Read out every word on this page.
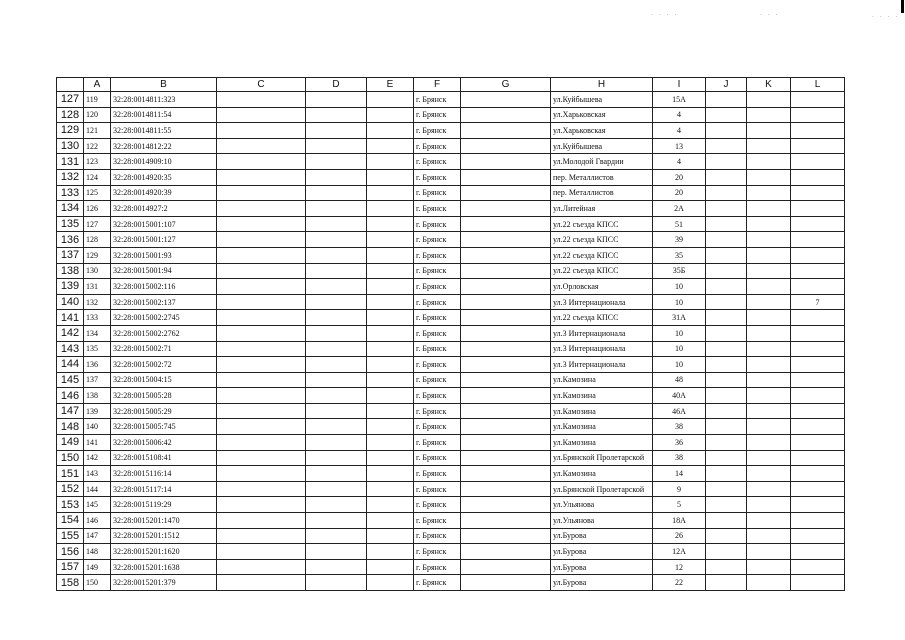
· · · ·	· · ·	· · · ·
	A	B	C	D	E	F	G	H	I	J	K	L
127	119	32:28:0014811:323				г. Брянск		ул.Куйбышева	15А			
128	120	32:28:0014811:54				г. Брянск		ул.Харьковская	4			
129	121	32:28:0014811:55				г. Брянск		ул.Харьковская	4			
130	122	32:28:0014812:22				г. Брянск		ул.Куйбышева	13			
131	123	32:28:0014909:10				г. Брянск		ул.Молодой Гвардии	4			
132	124	32:28:0014920:35				г. Брянск		пер. Металлистов	20			
133	125	32:28:0014920:39				г. Брянск		пер. Металлистов	20			
134	126	32:28:0014927:2				г. Брянск		ул.Литейная	2А			
135	127	32:28:0015001:107				г. Брянск		ул.22 съезда КПСС	51			
136	128	32:28:0015001:127				г. Брянск		ул.22 съезда КПСС	39			
137	129	32:28:0015001:93				г. Брянск		ул.22 съезда КПСС	35			
138	130	32:28:0015001:94				г. Брянск		ул.22 съезда КПСС	35Б			
139	131	32:28:0015002:116				г. Брянск		ул.Орловская	10			
140	132	32:28:0015002:137				г. Брянск		ул.3 Интернационала	10			7
141	133	32:28:0015002:2745				г. Брянск		ул.22 съезда КПСС	31А			
142	134	32:28:0015002:2762				г. Брянск		ул.3 Интернационала	10			
143	135	32:28:0015002:71				г. Брянск		ул.3 Интернационала	10			
144	136	32:28:0015002:72				г. Брянск		ул.3 Интернационала	10			
145	137	32:28:0015004:15				г. Брянск		ул.Камозина	48			
146	138	32:28:0015005:28				г. Брянск		ул.Камозина	40А			
147	139	32:28:0015005:29				г. Брянск		ул.Камозина	46А			
148	140	32:28:0015005:745				г. Брянск		ул.Камозина	38			
149	141	32:28:0015006:42				г. Брянск		ул.Камозина	36			
150	142	32:28:0015108:41				г. Брянск		ул.Брянской Пролетарской	38			
151	143	32:28:0015116:14				г. Брянск		ул.Камозина	14			
152	144	32:28:0015117:14				г. Брянск		ул.Брянской Пролетарской	9			
153	145	32:28:0015119:29				г. Брянск		ул.Ульянова	5			
154	146	32:28:0015201:1470				г. Брянск		ул.Ульянова	18А			
155	147	32:28:0015201:1512				г. Брянск		ул.Бурова	26			
156	148	32:28:0015201:1620				г. Брянск		ул.Бурова	12А			
157	149	32:28:0015201:1638				г. Брянск		ул.Бурова	12			
158	150	32:28:0015201:379				г. Брянск		ул.Бурова	22			
